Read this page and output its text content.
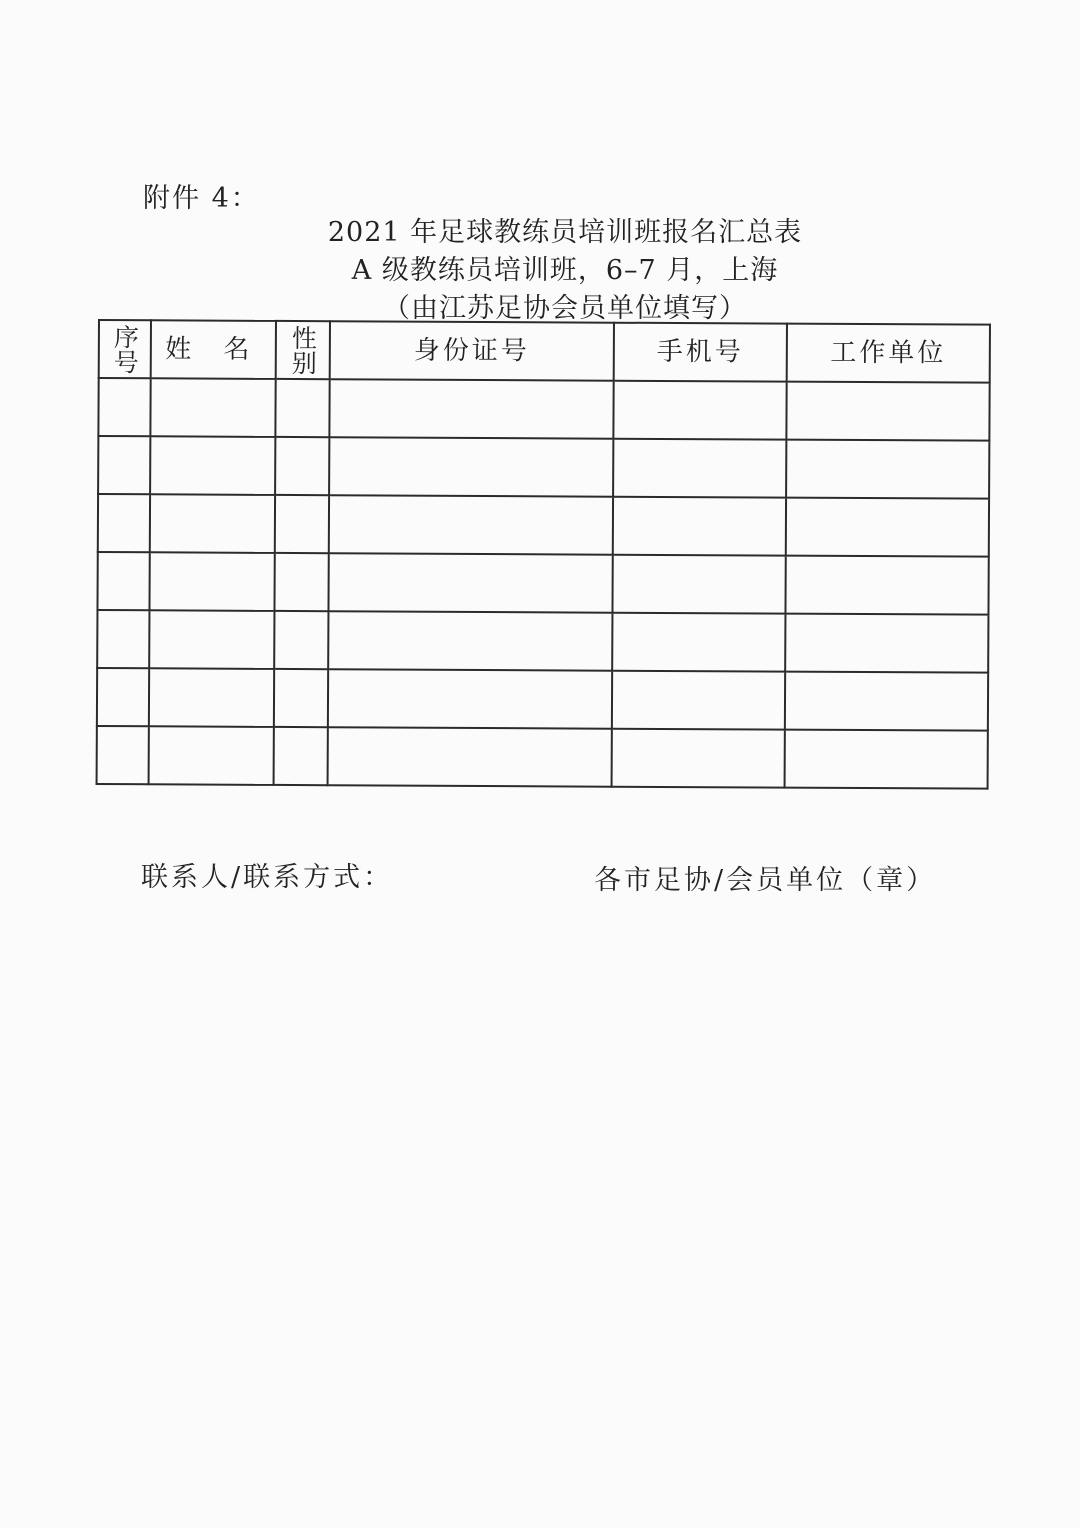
附件 4：
2021 年足球教练员培训班报名汇总表
A 级教练员培训班，6–7 月，上海
（由江苏足协会员单位填写）
序号	姓 名	性别	身份证号	手机号	工作单位

联系人/联系方式：	各市足协/会员单位（章）
